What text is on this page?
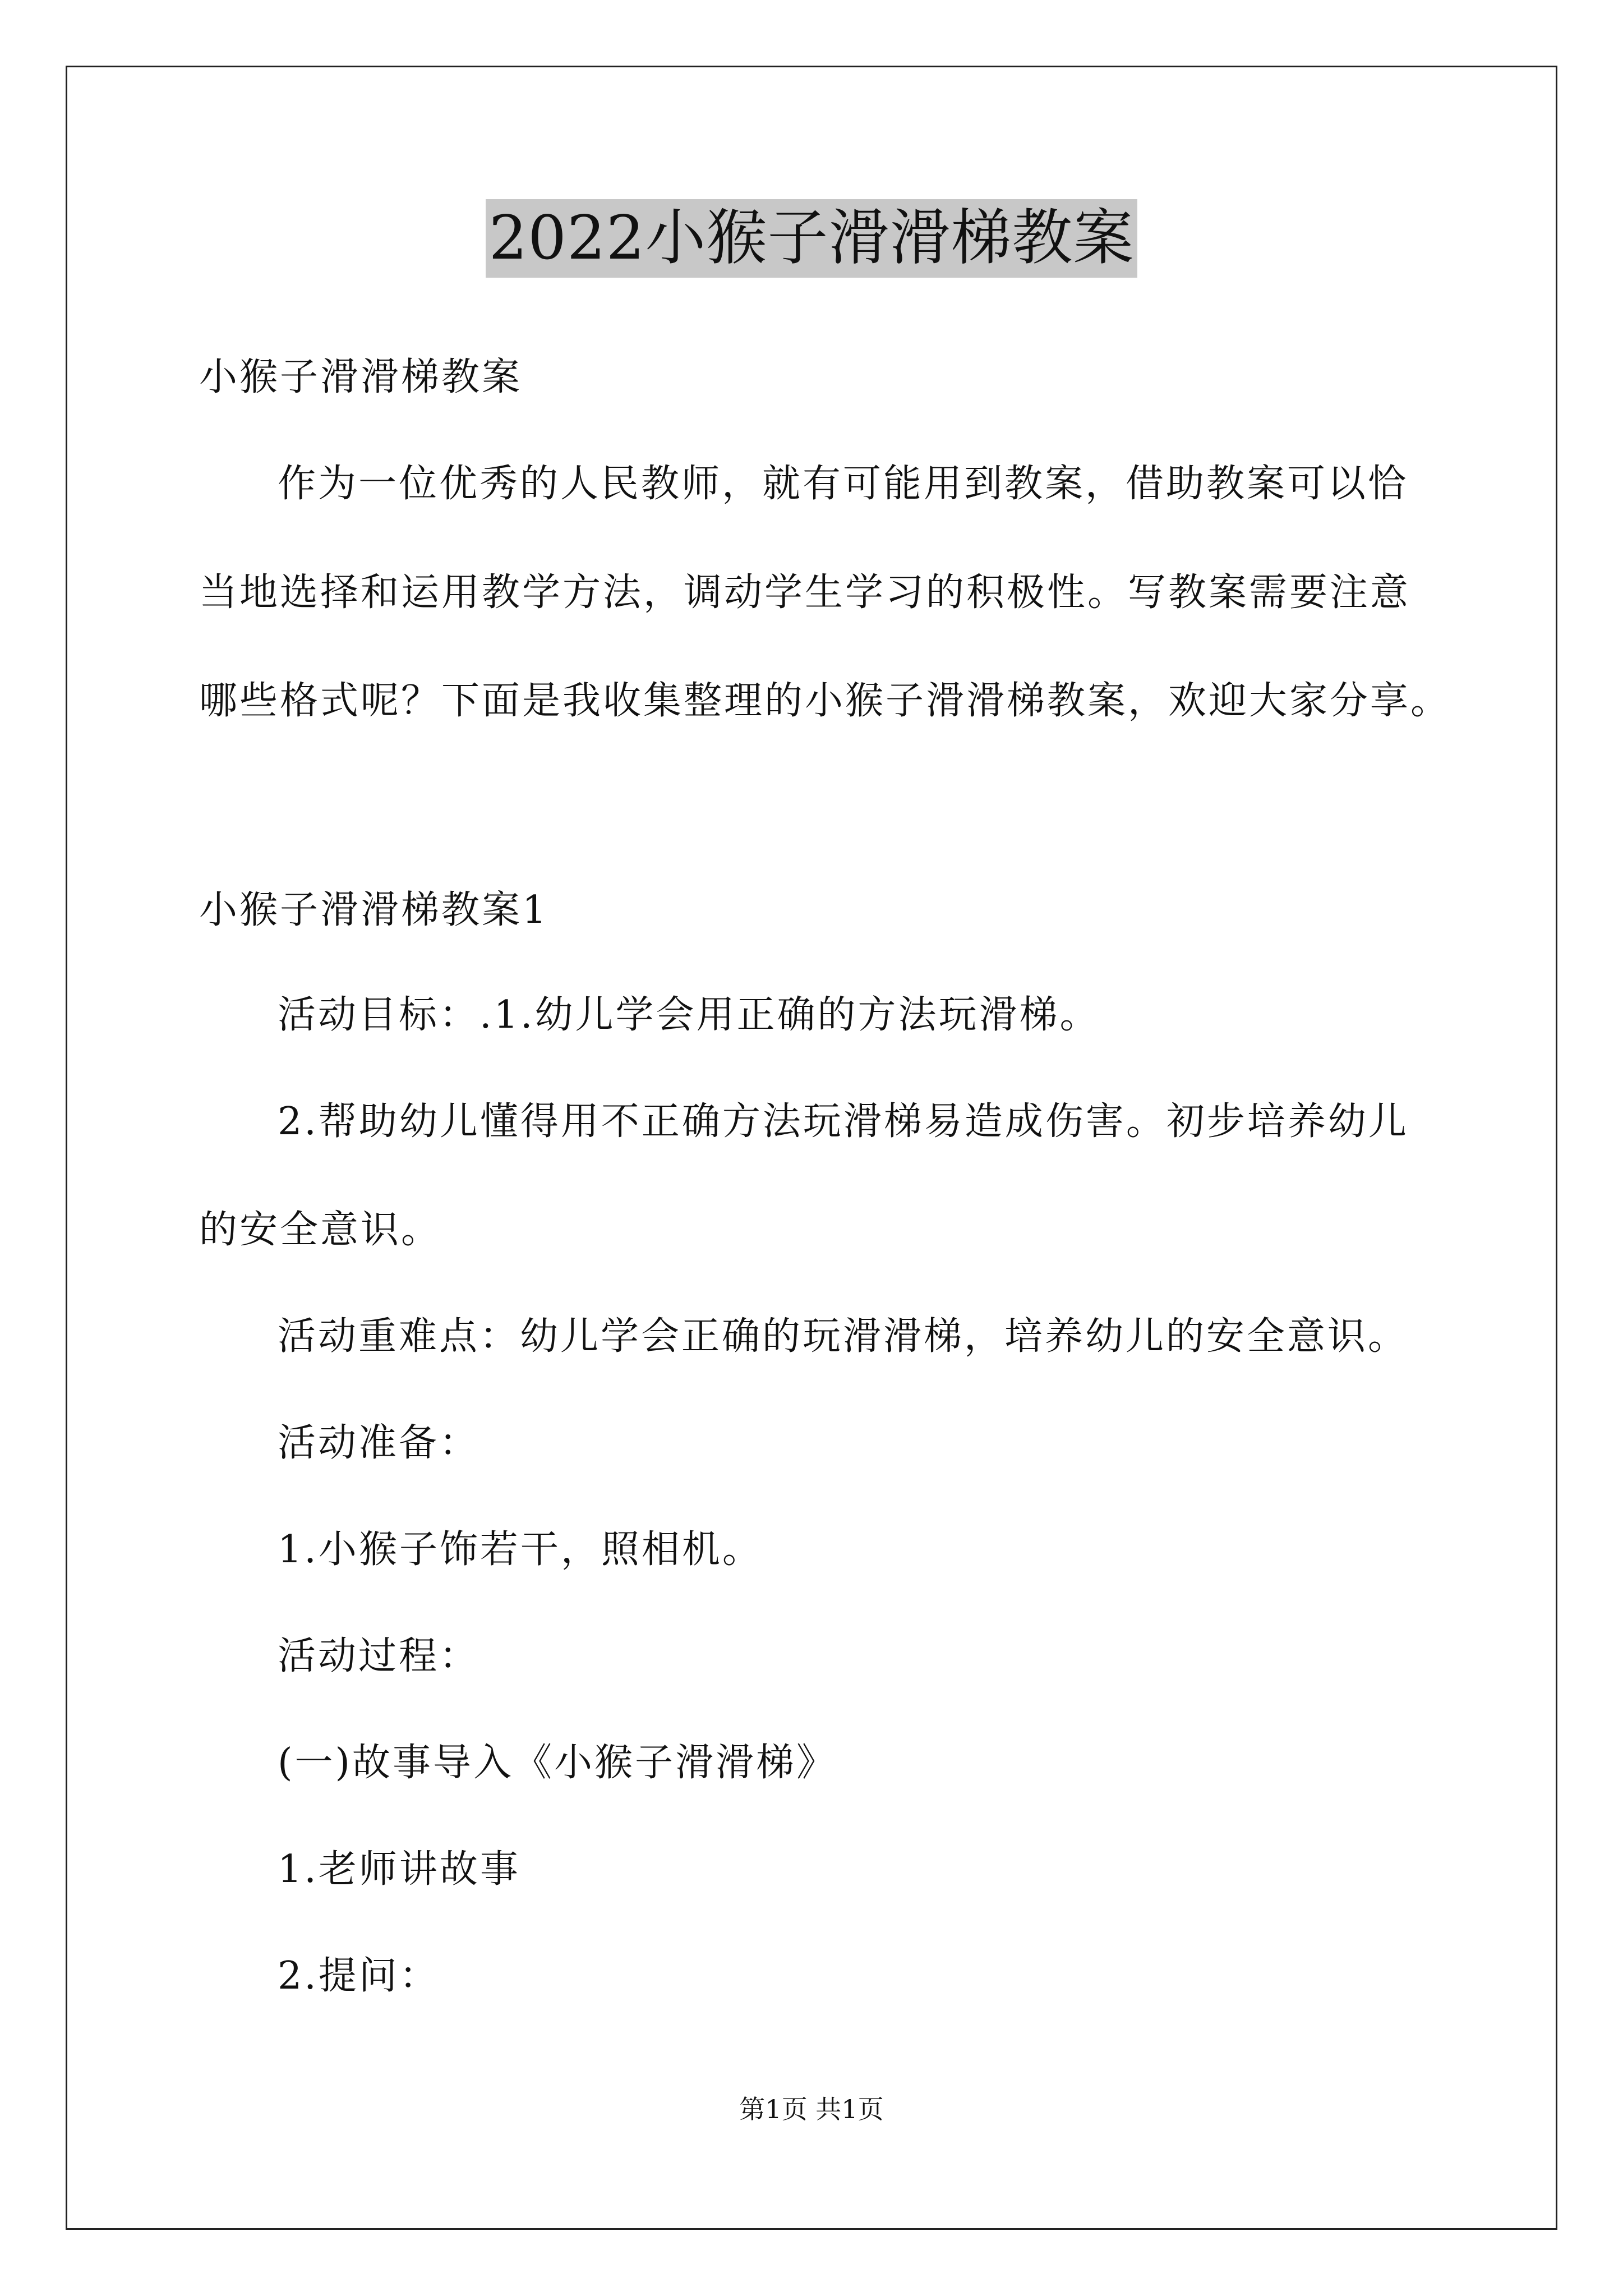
2022小猴子滑滑梯教案
小猴子滑滑梯教案
作为一位优秀的人民教师，就有可能用到教案，借助教案可以恰
当地选择和运用教学方法，调动学生学习的积极性。写教案需要注意
哪些格式呢？下面是我收集整理的小猴子滑滑梯教案，欢迎大家分享。
小猴子滑滑梯教案1
活动目标：.1.幼儿学会用正确的方法玩滑梯。
2.帮助幼儿懂得用不正确方法玩滑梯易造成伤害。初步培养幼儿
的安全意识。
活动重难点：幼儿学会正确的玩滑滑梯，培养幼儿的安全意识。
活动准备：
1.小猴子饰若干，照相机。
活动过程：
(一)故事导入《小猴子滑滑梯》
1.老师讲故事
2.提问：
第1页 共1页
